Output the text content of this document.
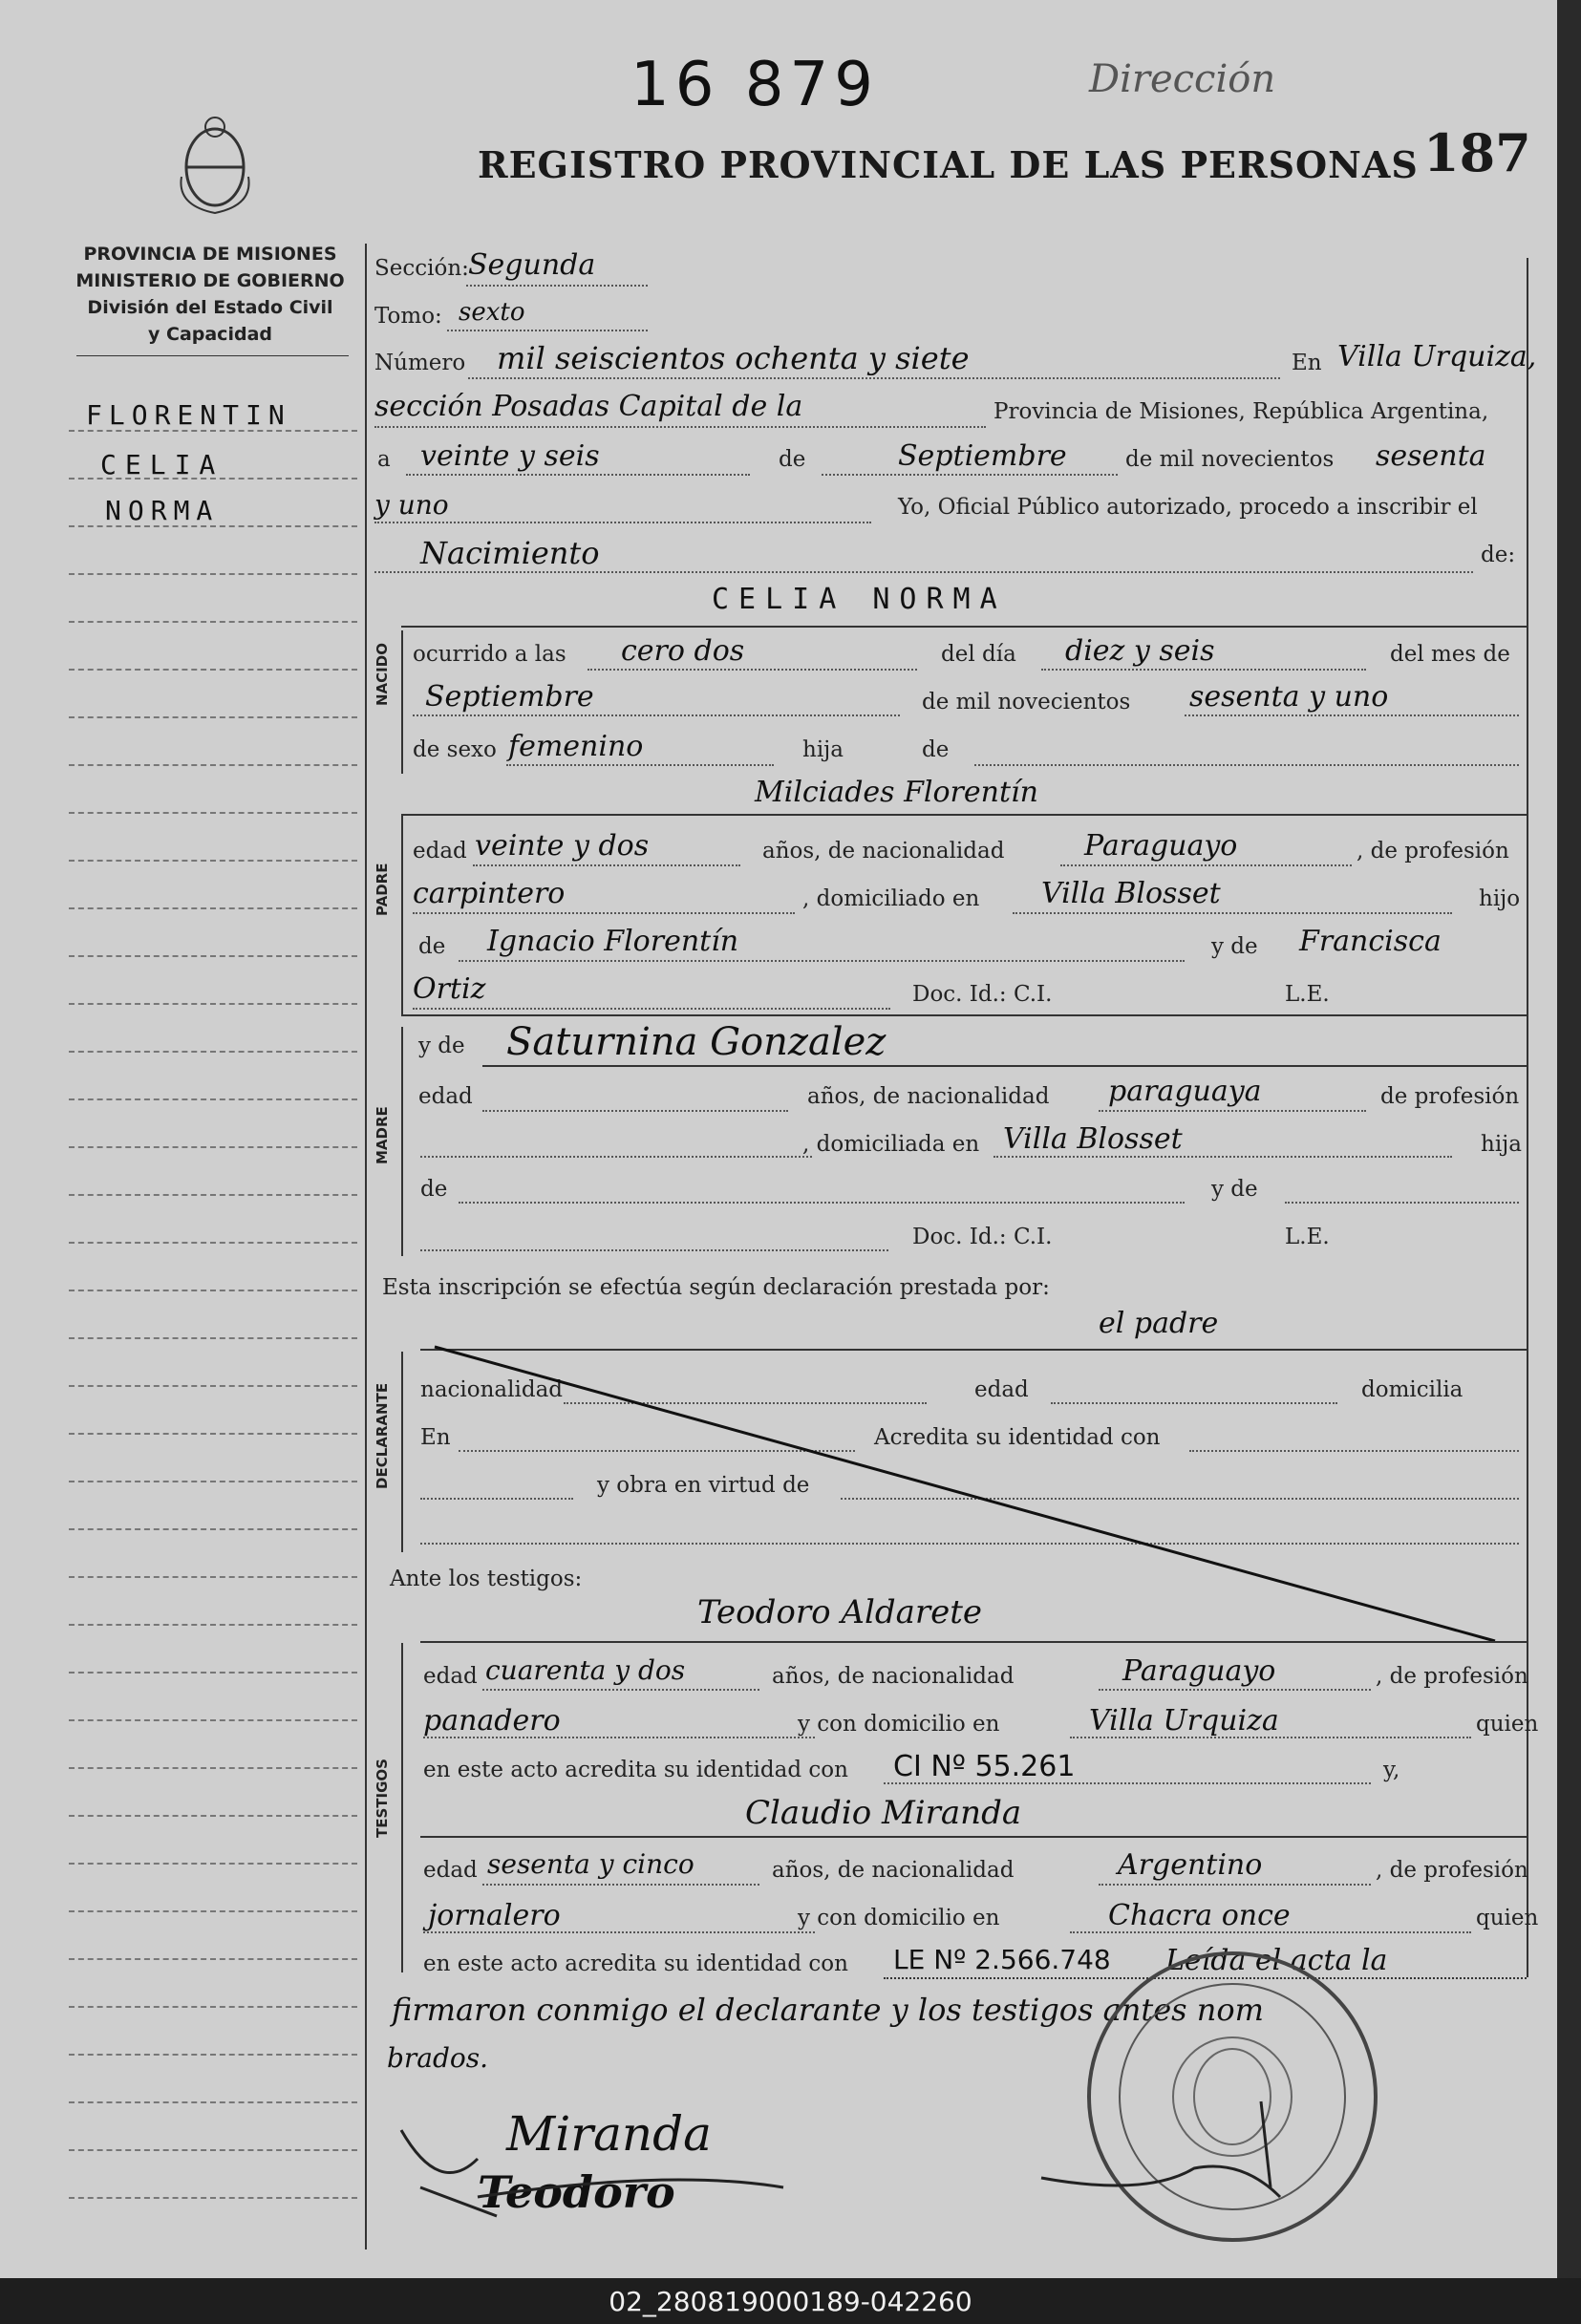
16 879	Dirección
REGISTRO PROVINCIAL DE LAS PERSONAS 187
PROVINCIA DE MISIONES
MINISTERIO DE GOBIERNO
División del Estado Civil
y Capacidad
FLORENTIN
CELIA
NORMA
Sección: Segunda
Tomo: sexto
Número mil seiscientos ochenta y siete	En Villa Urquiza,
sección Posadas Capital de la	Provincia de Misiones, República Argentina,
a veinte y seis	de	Septiembre	de mil novecientos sesenta
y uno	Yo, Oficial Público autorizado, procedo a inscribir el
Nacimiento	de:
NACIDO
CELIA NORMA
ocurrido a las cero dos	del día diez y seis	del mes de
Septiembre	de mil novecientos sesenta y uno
de sexo femenino	hija	de
Milciades Florentín
PADRE
edad veinte y dos	años, de nacionalidad	Paraguayo	, de profesión
carpintero	, domiciliado en Villa Blosset	hijo
de Ignacio Florentín	y de Francisca
Ortiz	Doc. Id.: C.I.	L.E.
y de Saturnina Gonzalez
MADRE
edad	años, de nacionalidad paraguaya	de profesión
, domiciliada en Villa Blosset	hija
de	y de
Doc. Id.: C.I.	L.E.
Esta inscripción se efectúa según declaración prestada por:
el padre
DECLARANTE nacionalidad	edad	domicilia
En	Acredita su identidad con
y obra en virtud de
Ante los testigos:
Teodoro Aldarete
TESTIGOS
edad cuarenta y dos	años, de nacionalidad	Paraguayo	, de profesión
panadero	y con domicilio en	Villa Urquiza	quien
en este acto acredita su identidad con CI Nº 55.261	y,
Claudio Miranda
edad sesenta y cinco	años, de nacionalidad	Argentino	, de profesión
jornalero	y con domicilio en	Chacra once	quien
en este acto acredita su identidad con LE Nº 2.566.748 Leída el acta la
firmaron conmigo el declarante y los testigos antes nom
brados.
Miranda
Teodoro
02_280819000189-042260
